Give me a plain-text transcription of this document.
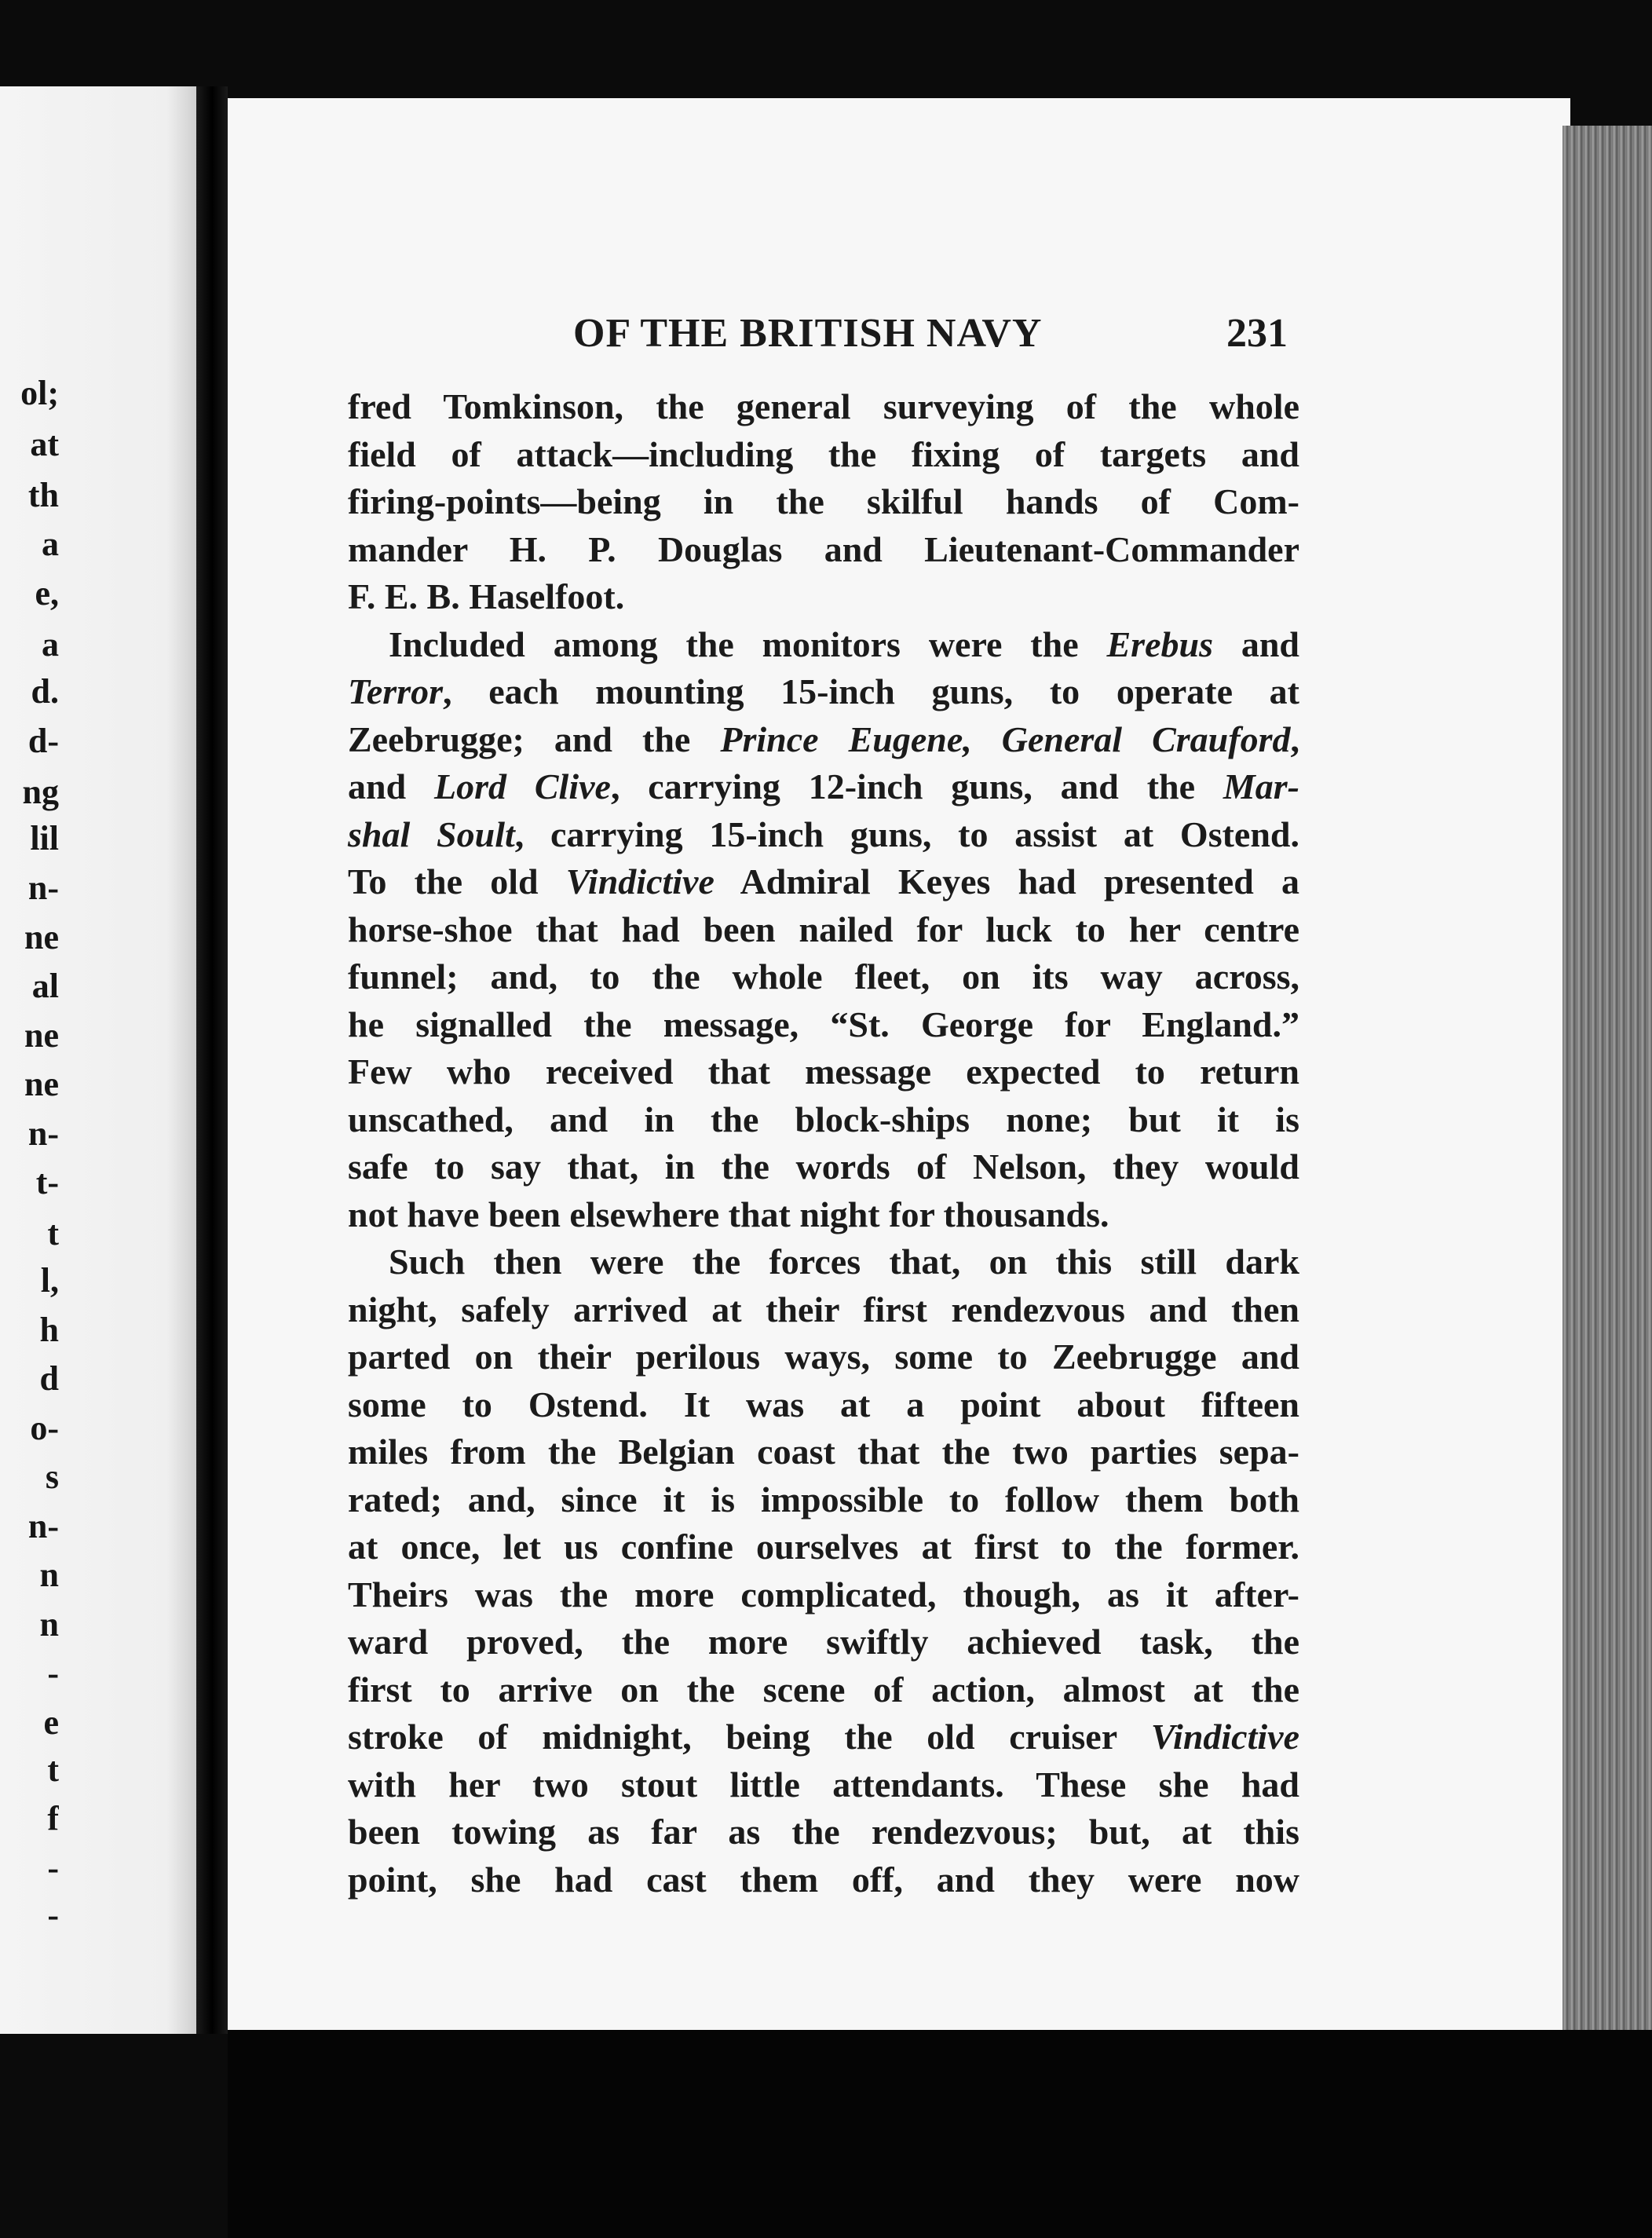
ol;
at
th
a
e,
a
d.
d-
ng
lil
n-
ne
al
ne
ne
n-
t-
t
l,
h
d
o-
s
n-
n
n
-
e
t
f
-
-
OF THE BRITISH NAVY	231
fred Tomkinson, the general surveying of the whole
field of attack—including the fixing of targets and
firing-points—being in the skilful hands of Com-
mander H. P. Douglas and Lieutenant-Commander
F. E. B. Haselfoot.
Included among the monitors were the Erebus and
Terror, each mounting 15-inch guns, to operate at
Zeebrugge; and the Prince Eugene, General Crauford,
and Lord Clive, carrying 12-inch guns, and the Mar-
shal Soult, carrying 15-inch guns, to assist at Ostend.
To the old Vindictive Admiral Keyes had presented a
horse-shoe that had been nailed for luck to her centre
funnel; and, to the whole fleet, on its way across,
he signalled the message, “St. George for England.”
Few who received that message expected to return
unscathed, and in the block-ships none; but it is
safe to say that, in the words of Nelson, they would
not have been elsewhere that night for thousands.
Such then were the forces that, on this still dark
night, safely arrived at their first rendezvous and then
parted on their perilous ways, some to Zeebrugge and
some to Ostend. It was at a point about fifteen
miles from the Belgian coast that the two parties sepa-
rated; and, since it is impossible to follow them both
at once, let us confine ourselves at first to the former.
Theirs was the more complicated, though, as it after-
ward proved, the more swiftly achieved task, the
first to arrive on the scene of action, almost at the
stroke of midnight, being the old cruiser Vindictive
with her two stout little attendants. These she had
been towing as far as the rendezvous; but, at this
point, she had cast them off, and they were now
